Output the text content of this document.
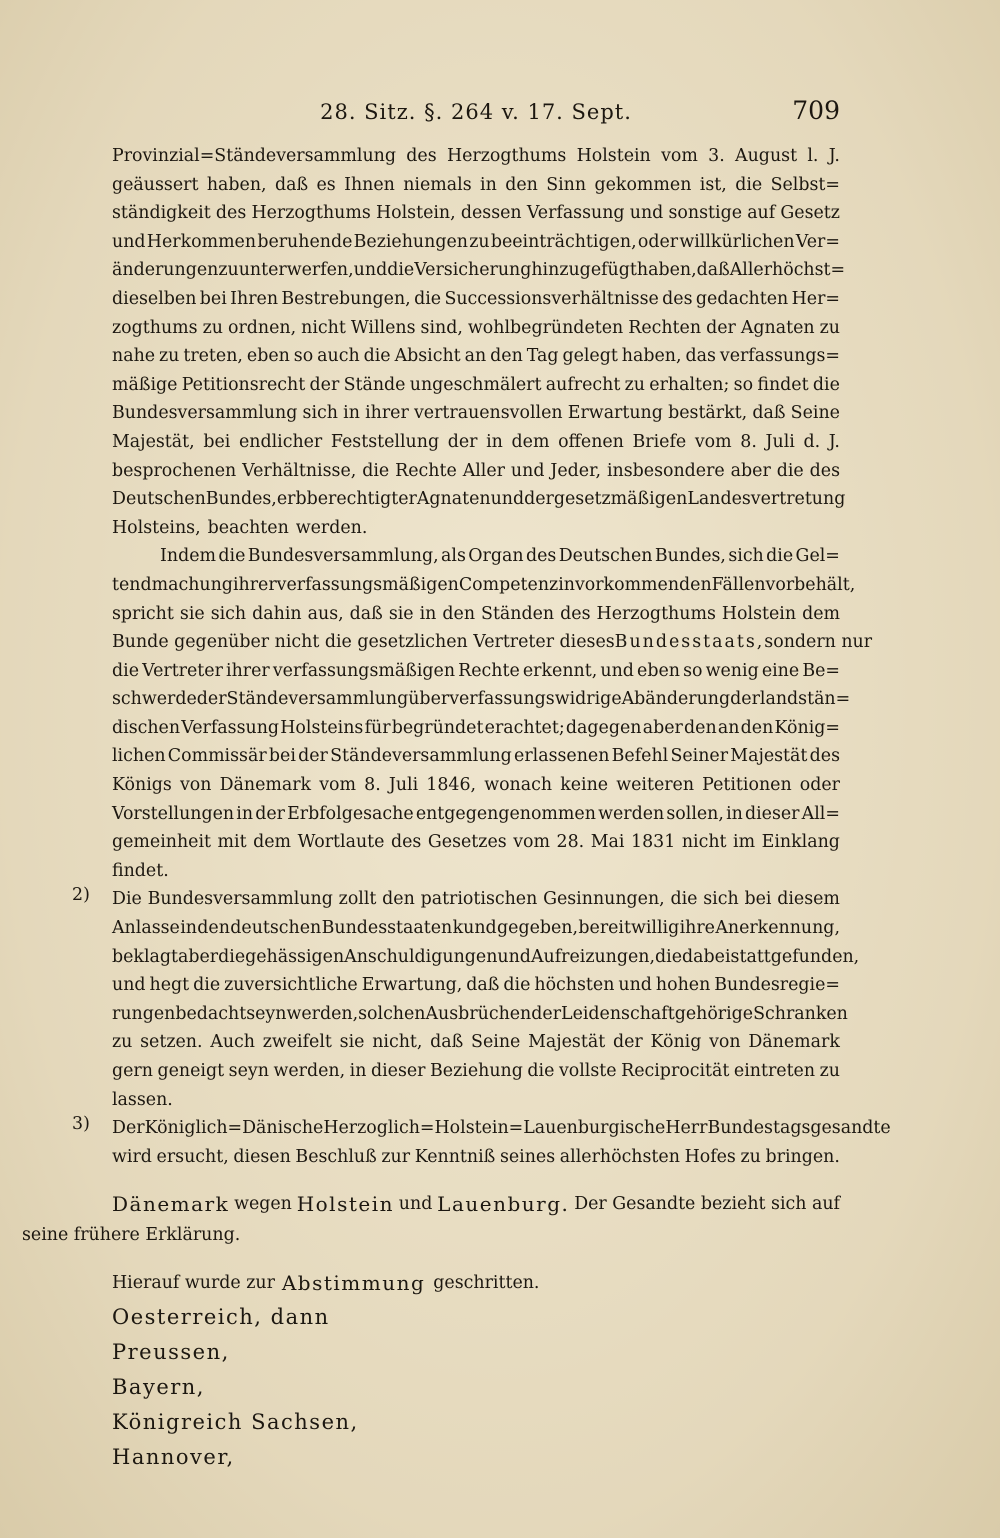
28. Sitz. §. 264 v. 17. Sept.	709
Provinzial=Ständeversammlung des Herzogthums Holstein vom 3. August l. J.
geäussert haben, daß es Ihnen niemals in den Sinn gekommen ist, die Selbst=
ständigkeit des Herzogthums Holstein, dessen Verfassung und sonstige auf Gesetz
und Herkommen beruhende Beziehungen zu beeinträchtigen, oder willkürlichen Ver=
änderungen zu unterwerfen, und die Versicherung hinzugefügt haben, daß Allerhöchst=
dieselben bei Ihren Bestrebungen, die Successionsverhältnisse des gedachten Her=
zogthums zu ordnen, nicht Willens sind, wohlbegründeten Rechten der Agnaten zu
nahe zu treten, eben so auch die Absicht an den Tag gelegt haben, das verfassungs=
mäßige Petitionsrecht der Stände ungeschmälert aufrecht zu erhalten; so findet die
Bundesversammlung sich in ihrer vertrauensvollen Erwartung bestärkt, daß Seine
Majestät, bei endlicher Feststellung der in dem offenen Briefe vom 8. Juli d. J.
besprochenen Verhältnisse, die Rechte Aller und Jeder, insbesondere aber die des
Deutschen Bundes, erbberechtigter Agnaten und der gesetzmäßigen Landesvertretung
Holsteins, beachten werden.
Indem die Bundesversammlung, als Organ des Deutschen Bundes, sich die Gel=
tendmachung ihrer verfassungsmäßigen Competenz in vorkommenden Fällen vorbehält,
spricht sie sich dahin aus, daß sie in den Ständen des Herzogthums Holstein dem
Bunde gegenüber nicht die gesetzlichen Vertreter dieses Bundesstaats, sondern nur
die Vertreter ihrer verfassungsmäßigen Rechte erkennt, und eben so wenig eine Be=
schwerde der Ständeversammlung über verfassungswidrige Abänderung der landstän=
dischen Verfassung Holsteins für begründet erachtet; dagegen aber den an den König=
lichen Commissär bei der Ständeversammlung erlassenen Befehl Seiner Majestät des
Königs von Dänemark vom 8. Juli 1846, wonach keine weiteren Petitionen oder
Vorstellungen in der Erbfolgesache entgegengenommen werden sollen, in dieser All=
gemeinheit mit dem Wortlaute des Gesetzes vom 28. Mai 1831 nicht im Einklang
findet.
2) Die Bundesversammlung zollt den patriotischen Gesinnungen, die sich bei diesem
Anlasse in den deutschen Bundesstaaten kund gegeben, bereitwillig ihre Anerkennung,
beklagt aber die gehässigen Anschuldigungen und Aufreizungen, die dabei statt gefunden,
und hegt die zuversichtliche Erwartung, daß die höchsten und hohen Bundesregie=
rungen bedacht seyn werden, solchen Ausbrüchen der Leidenschaft gehörige Schranken
zu setzen. Auch zweifelt sie nicht, daß Seine Majestät der König von Dänemark
gern geneigt seyn werden, in dieser Beziehung die vollste Reciprocität eintreten zu
lassen.
3) Der Königlich=Dänische Herzoglich=Holstein=Lauenburgische Herr Bundestagsgesandte
wird ersucht, diesen Beschluß zur Kenntniß seines allerhöchsten Hofes zu bringen.
Dänemark wegen Holstein und Lauenburg. Der Gesandte bezieht sich auf
seine frühere Erklärung.
Hierauf wurde zur Abstimmung geschritten.
Oesterreich, dann
Preussen,
Bayern,
Königreich Sachsen,
Hannover,
